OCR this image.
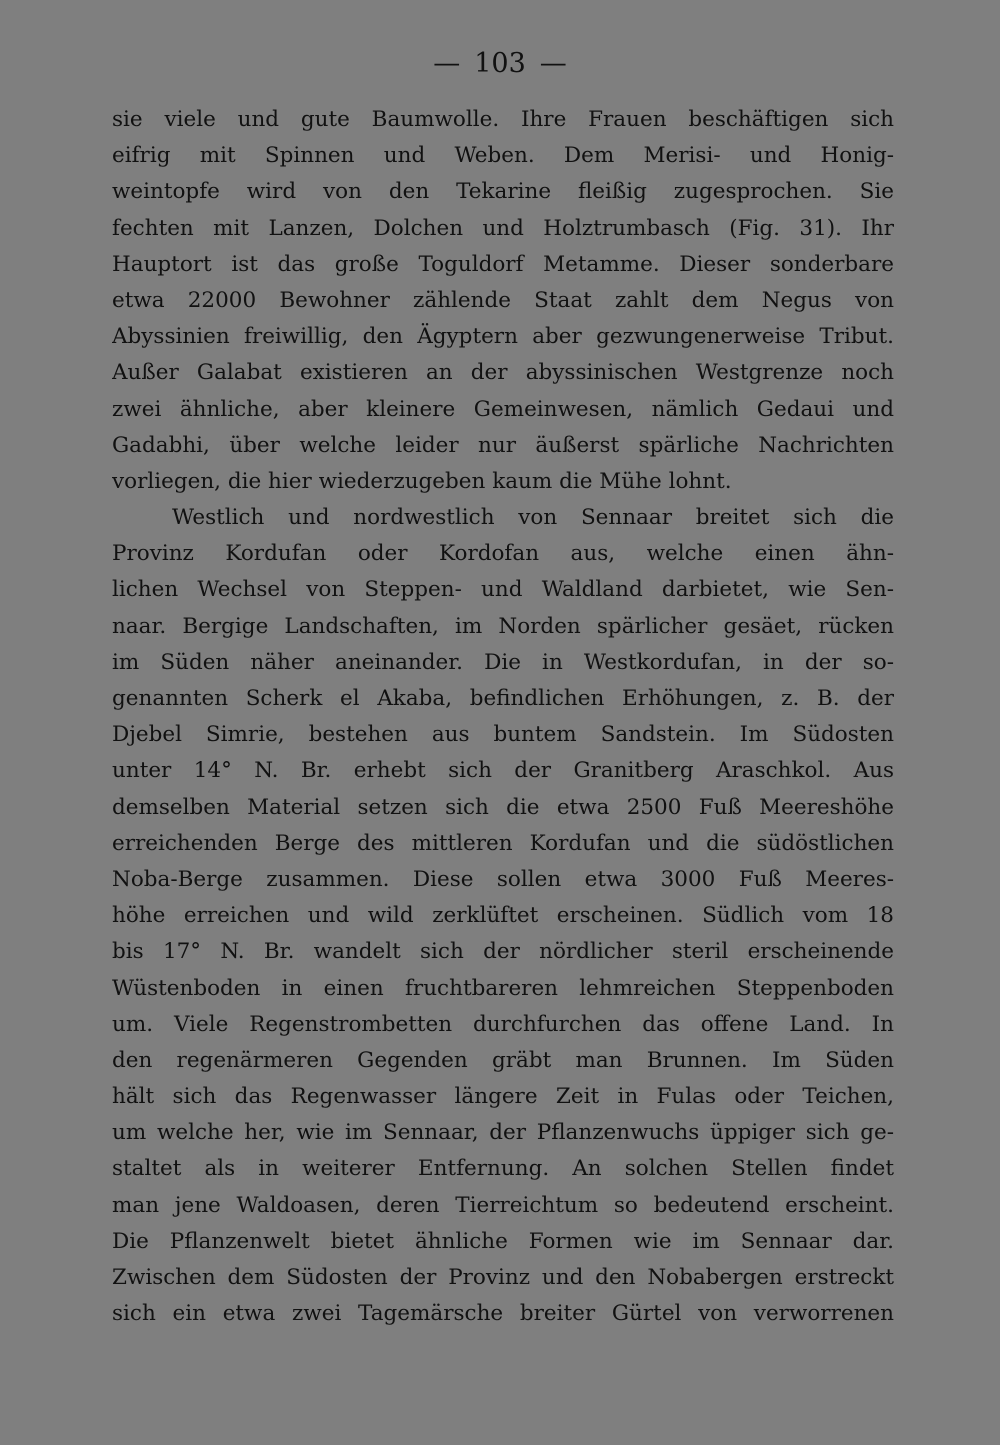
— 103 —
sie viele und gute Baumwolle. Ihre Frauen beschäftigen sich
eifrig mit Spinnen und Weben. Dem Merisi- und Honig-
weintopfe wird von den Tekarine fleißig zugesprochen. Sie
fechten mit Lanzen, Dolchen und Holztrumbasch (Fig. 31). Ihr
Hauptort ist das große Toguldorf Metamme. Dieser sonderbare
etwa 22000 Bewohner zählende Staat zahlt dem Negus von
Abyssinien freiwillig, den Ägyptern aber gezwungenerweise Tribut.
Außer Galabat existieren an der abyssinischen Westgrenze noch
zwei ähnliche, aber kleinere Gemeinwesen, nämlich Gedaui und
Gadabhi, über welche leider nur äußerst spärliche Nachrichten
vorliegen, die hier wiederzugeben kaum die Mühe lohnt.
Westlich und nordwestlich von Sennaar breitet sich die
Provinz Kordufan oder Kordofan aus, welche einen ähn-
lichen Wechsel von Steppen- und Waldland darbietet, wie Sen-
naar. Bergige Landschaften, im Norden spärlicher gesäet, rücken
im Süden näher aneinander. Die in Westkordufan, in der so-
genannten Scherk el Akaba, befindlichen Erhöhungen, z. B. der
Djebel Simrie, bestehen aus buntem Sandstein. Im Südosten
unter 14° N. Br. erhebt sich der Granitberg Araschkol. Aus
demselben Material setzen sich die etwa 2500 Fuß Meereshöhe
erreichenden Berge des mittleren Kordufan und die südöstlichen
Noba-Berge zusammen. Diese sollen etwa 3000 Fuß Meeres-
höhe erreichen und wild zerklüftet erscheinen. Südlich vom 18
bis 17° N. Br. wandelt sich der nördlicher steril erscheinende
Wüstenboden in einen fruchtbareren lehmreichen Steppenboden
um. Viele Regenstrombetten durchfurchen das offene Land. In
den regenärmeren Gegenden gräbt man Brunnen. Im Süden
hält sich das Regenwasser längere Zeit in Fulas oder Teichen,
um welche her, wie im Sennaar, der Pflanzenwuchs üppiger sich ge-
staltet als in weiterer Entfernung. An solchen Stellen findet
man jene Waldoasen, deren Tierreichtum so bedeutend erscheint.
Die Pflanzenwelt bietet ähnliche Formen wie im Sennaar dar.
Zwischen dem Südosten der Provinz und den Nobabergen erstreckt
sich ein etwa zwei Tagemärsche breiter Gürtel von verworrenen
